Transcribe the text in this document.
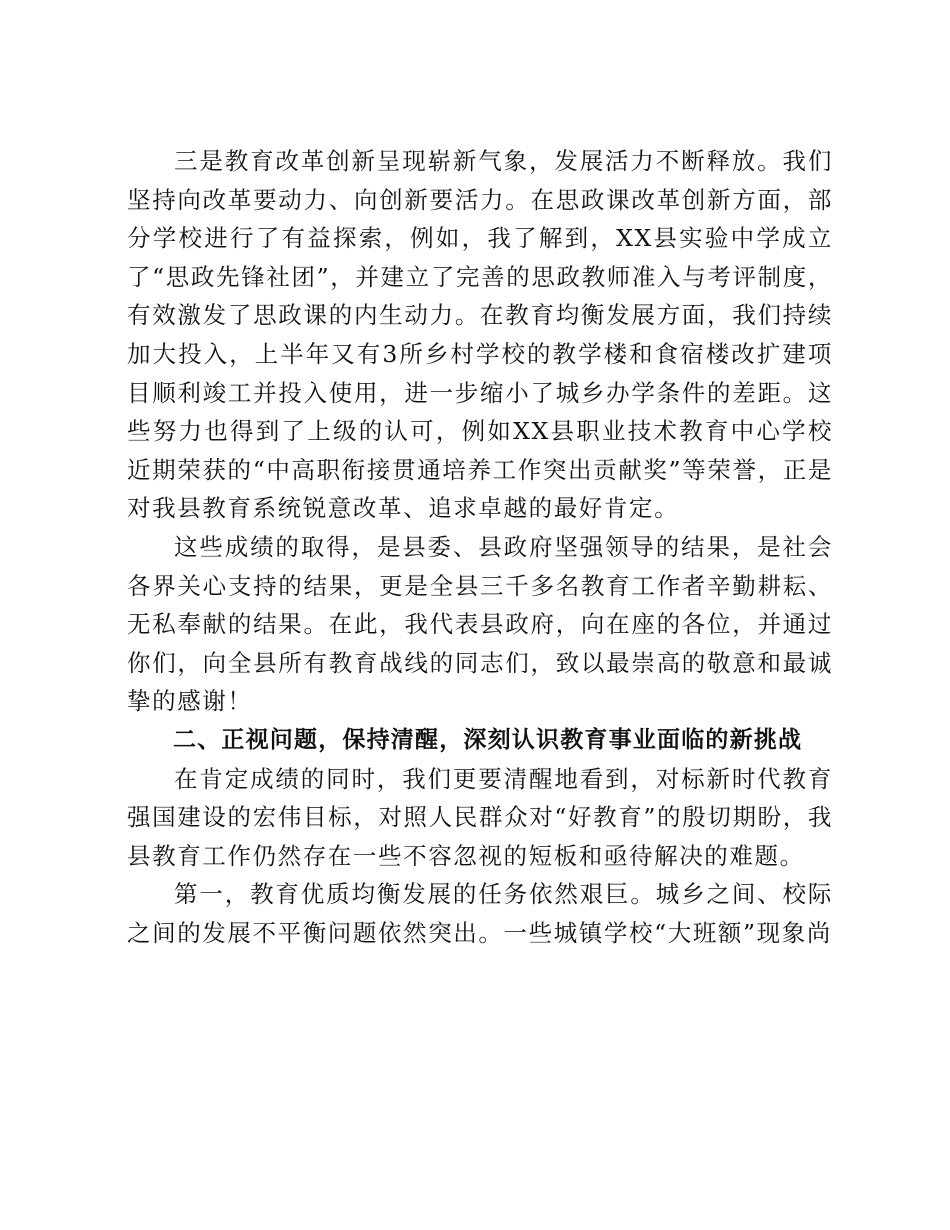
三是教育改革创新呈现崭新气象，发展活力不断释放。我们坚持向改革要动力、向创新要活力。在思政课改革创新方面，部分学校进行了有益探索，例如，我了解到，XX县实验中学成立了“思政先锋社团”，并建立了完善的思政教师准入与考评制度，有效激发了思政课的内生动力。在教育均衡发展方面，我们持续加大投入，上半年又有3所乡村学校的教学楼和食宿楼改扩建项目顺利竣工并投入使用，进一步缩小了城乡办学条件的差距。这些努力也得到了上级的认可，例如XX县职业技术教育中心学校近期荣获的“中高职衔接贯通培养工作突出贡献奖”等荣誉，正是对我县教育系统锐意改革、追求卓越的最好肯定。

这些成绩的取得，是县委、县政府坚强领导的结果，是社会各界关心支持的结果，更是全县三千多名教育工作者辛勤耕耘、无私奉献的结果。在此，我代表县政府，向在座的各位，并通过你们，向全县所有教育战线的同志们，致以最崇高的敬意和最诚挚的感谢！

二、正视问题，保持清醒，深刻认识教育事业面临的新挑战

在肯定成绩的同时，我们更要清醒地看到，对标新时代教育强国建设的宏伟目标，对照人民群众对“好教育”的殷切期盼，我县教育工作仍然存在一些不容忽视的短板和亟待解决的难题。

第一，教育优质均衡发展的任务依然艰巨。城乡之间、校际之间的发展不平衡问题依然突出。一些城镇学校“大班额”现象尚
